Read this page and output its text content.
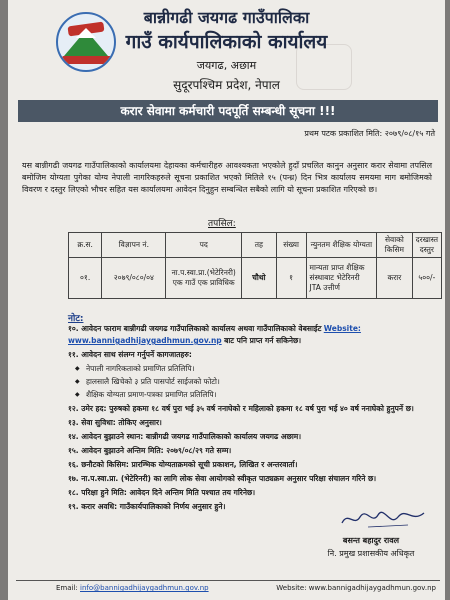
बान्नीगढी जयगढ गाउँपालिका
गाउँ कार्यपालिकाको कार्यालय
जयगढ, अछाम
सुदूरपश्चिम प्रदेश, नेपाल
करार सेवामा कर्मचारी पदपूर्ति सम्बन्धी सूचना !!!
प्रथम पटक प्रकाशित मिति: २०७९/०८/१५ गते

यस बान्नीगढी जयगढ गाउँपालिकाको कार्यालयमा देहायका कर्मचारीहरु आवश्यकता भएकोले हुदाँ प्रचलित कानुन अनुसार करार सेवामा तपसिल बमोजिम योग्यता पुगेका योग्य नेपाली नागरिकहरुले सूचना प्रकाशित भएको मितिले १५ (पन्ध्र) दिन भित्र कार्यालय समयमा माग बमोजिमको विवरण र दस्तुर लिएको भौचर सहित यस कार्यालयमा आवेदन दिनुहुन सम्बन्धित सबैको लागि यो सूचना प्रकाशित गरिएको छ।

तपसिल:
क्र.स.	विज्ञापन नं.	पद	तह	संख्या	न्युनतम शैक्षिक योग्यता	सेवाको किसिम	दरखास्त दस्तुर
०१.	२०७९/०८०/०४	ना.प.स्वा.प्रा.(भेटेरिनरी) एक गाउँ एक प्राविधिक	चौथो	१	मान्यता प्राप्त शैक्षिक संस्थाबाट भेटेरिनरी JTA उत्तीर्ण	करार	५००/-
नोट:

१०. आवेदन फाराम बान्नीगढी जयगढ गाउँपालिकाको कार्यालय अथवा गाउँपालिकाको वेबसाईट Website: www.bannigadhijaygadhmun.gov.np बाट पनि प्राप्त गर्न सकिनेछ।

११. आवेदन साथ संलग्न गर्नुपर्ने कागजातहरु:

◆ नेपाली नागरिकताको प्रमाणित प्रतिलिपि।
◆ हालसालै खिचेको ३ प्रति पासपोर्ट साईजको फोटो।
◆ शैक्षिक योग्यता प्रमाण-पत्रका प्रमाणित प्रतिलिपि।

१२. उमेर हद: पुरुषको हकमा १८ वर्ष पुरा भई ३५ वर्ष ननाघेको र महिलाको हकमा १८ वर्ष पुरा भई ४० वर्ष ननाघेको हुनुपर्ने छ।

१३. सेवा सुविधा: तोकिए अनुसार।

१४. आवेदन बुझाउने स्थान: बान्नीगढी जयगढ गाउँपालिकाको कार्यालय जयगढ अछाम।

१५. आवेदन बुझाउने अन्तिम मिति: २०७९/०८/२९ गते सम्म।

१६. छनौटको किसिम: प्रारम्भिक योग्यताक्रमको सूची प्रकाशन, लिखित र अन्तरवार्ता।

१७. ना.प.स्वा.प्रा. (भेटेरिनरी) का लागि लोक सेवा आयोगको स्वीकृत पाठ्यक्रम अनुसार परिक्षा संचालन गरिने छ।

१८. परिक्षा हुने मिति: आवेदन दिने अन्तिम मिति पश्चात तय गरिनेछ।

१९. करार अवधि: गाउँकार्यपालिकाको निर्णय अनुसार हुने।

बसन्त बहादुर रावल
नि. प्रमुख प्रशासकीय अधिकृत
Email: info@bannigadhijaygadhmun.gov.np	Website: www.bannigadhijaygadhmun.gov.np
